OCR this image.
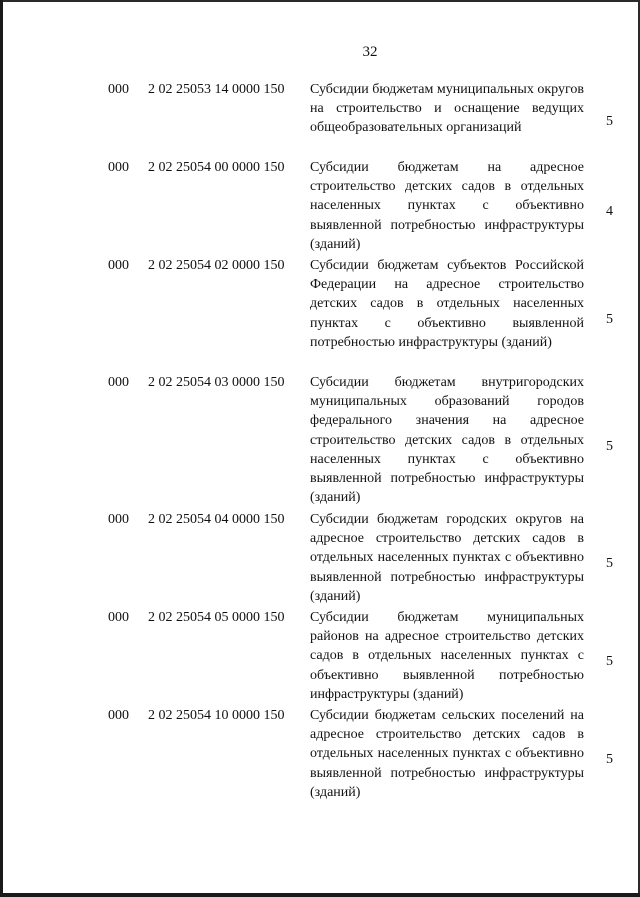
32
000 2 02 25053 14 0000 150 Субсидии бюджетам муниципальных округов на строительство и оснащение ведущих общеобразовательных организаций	5
000 2 02 25054 00 0000 150 Субсидии бюджетам на адресное строительство детских садов в отдельных населенных пунктах с объективно выявленной потребностью инфраструктуры (зданий)
4
000 2 02 25054 02 0000 150 Субсидии бюджетам субъектов Российской Федерации на адресное строительство детских садов в отдельных населенных пунктах с объективно выявленной потребностью инфраструктуры (зданий)
5
000 2 02 25054 03 0000 150 Субсидии бюджетам внутригородских муниципальных образований городов федерального значения на адресное строительство детских садов в отдельных населенных пунктах с объективно выявленной потребностью инфраструктуры (зданий)
5
000 2 02 25054 04 0000 150 Субсидии бюджетам городских округов на адресное строительство детских садов в отдельных населенных пунктах с объективно выявленной потребностью инфраструктуры (зданий)
5
000 2 02 25054 05 0000 150 Субсидии бюджетам муниципальных районов на адресное строительство детских садов в отдельных населенных пунктах с объективно выявленной потребностью инфраструктуры (зданий)
5
000 2 02 25054 10 0000 150 Субсидии бюджетам сельских поселений на адресное строительство детских садов в отдельных населенных пунктах с объективно выявленной потребностью инфраструктуры (зданий)
5
